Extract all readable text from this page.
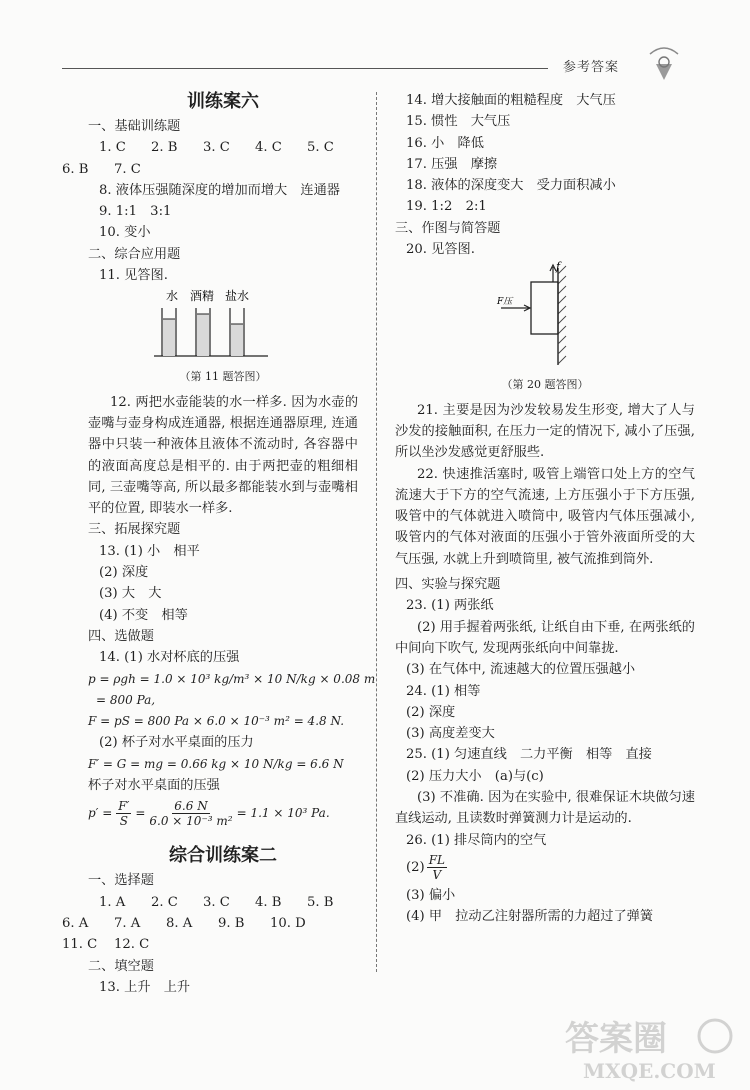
参考答案

训练案六

一、基础训练题

1. C	2. B	3. C	4. C	5. C
6. B	7. C

8. 液体压强随深度的增加而增大　连通器

9. 1:1　3:1

10. 变小

二、综合应用题

11. 见答图.

水 酒精 盐水

（第 11 题答图）

12. 两把水壶能装的水一样多. 因为水壶的壶嘴与壶身构成连通器, 根据连通器原理, 连通器中只装一种液体且液体不流动时, 各容器中的液面高度总是相平的. 由于两把壶的粗细相同, 三壶嘴等高, 所以最多都能装水到与壶嘴相平的位置, 即装水一样多.

三、拓展探究题

13. (1) 小　相平

(2) 深度

(3) 大　大

(4) 不变　相等

四、选做题

14. (1) 水对杯底的压强

p = ρgh = 1.0 × 10³ kg/m³ × 10 N/kg × 0.08 m

= 800 Pa,

F = pS = 800 Pa × 6.0 × 10⁻³ m² = 4.8 N.

(2) 杯子对水平桌面的压力

F′ = G = mg = 0.66 kg × 10 N/kg = 6.6 N

杯子对水平桌面的压强

$p' = \frac{F'}{S} = \frac{6.6 N}{\text{6.0 × 10⁻³ m²}} = 1.1 \times 10^3$ Pa.

综合训练案二

一、选择题

1. A	2. C	3. C	4. B	5. B
6. A	7. A	8. A	9. B	10. D
11. C	12. C

二、填空题

13. 上升　上升

14. 增大接触面的粗糙程度　大气压

15. 惯性　大气压

16. 小　降低

17. 压强　摩擦

18. 液体的深度变大　受力面积减小

19. 1:2　2:1

三、作图与简答题

20. 见答图.

f
F压

（第 20 题答图）

21. 主要是因为沙发较易发生形变, 增大了人与沙发的接触面积, 在压力一定的情况下, 减小了压强, 所以坐沙发感觉更舒服些.

22. 快速推活塞时, 吸管上端管口处上方的空气流速大于下方的空气流速, 上方压强小于下方压强, 吸管中的气体就进入喷筒中, 吸管内气体压强减小, 吸管内的气体对液面的压强小于管外液面所受的大气压强, 水就上升到喷筒里, 被气流推到筒外.

四、实验与探究题

23. (1) 两张纸

(2) 用手握着两张纸, 让纸自由下垂, 在两张纸的中间向下吹气, 发现两张纸向中间靠拢.

(3) 在气体中, 流速越大的位置压强越小

24. (1) 相等

(2) 深度

(3) 高度差变大

25. (1) 匀速直线　二力平衡　相等　直接

(2) 压力大小　(a)与(c)

(3) 不准确. 因为在实验中, 很难保证木块做匀速直线运动, 且读数时弹簧测力计是运动的.

26. (1) 排尽筒内的空气

$(2) \frac{FL}{V}$

(3) 偏小

(4) 甲　拉动乙注射器所需的力超过了弹簧

答案圈
MXQE.COM
